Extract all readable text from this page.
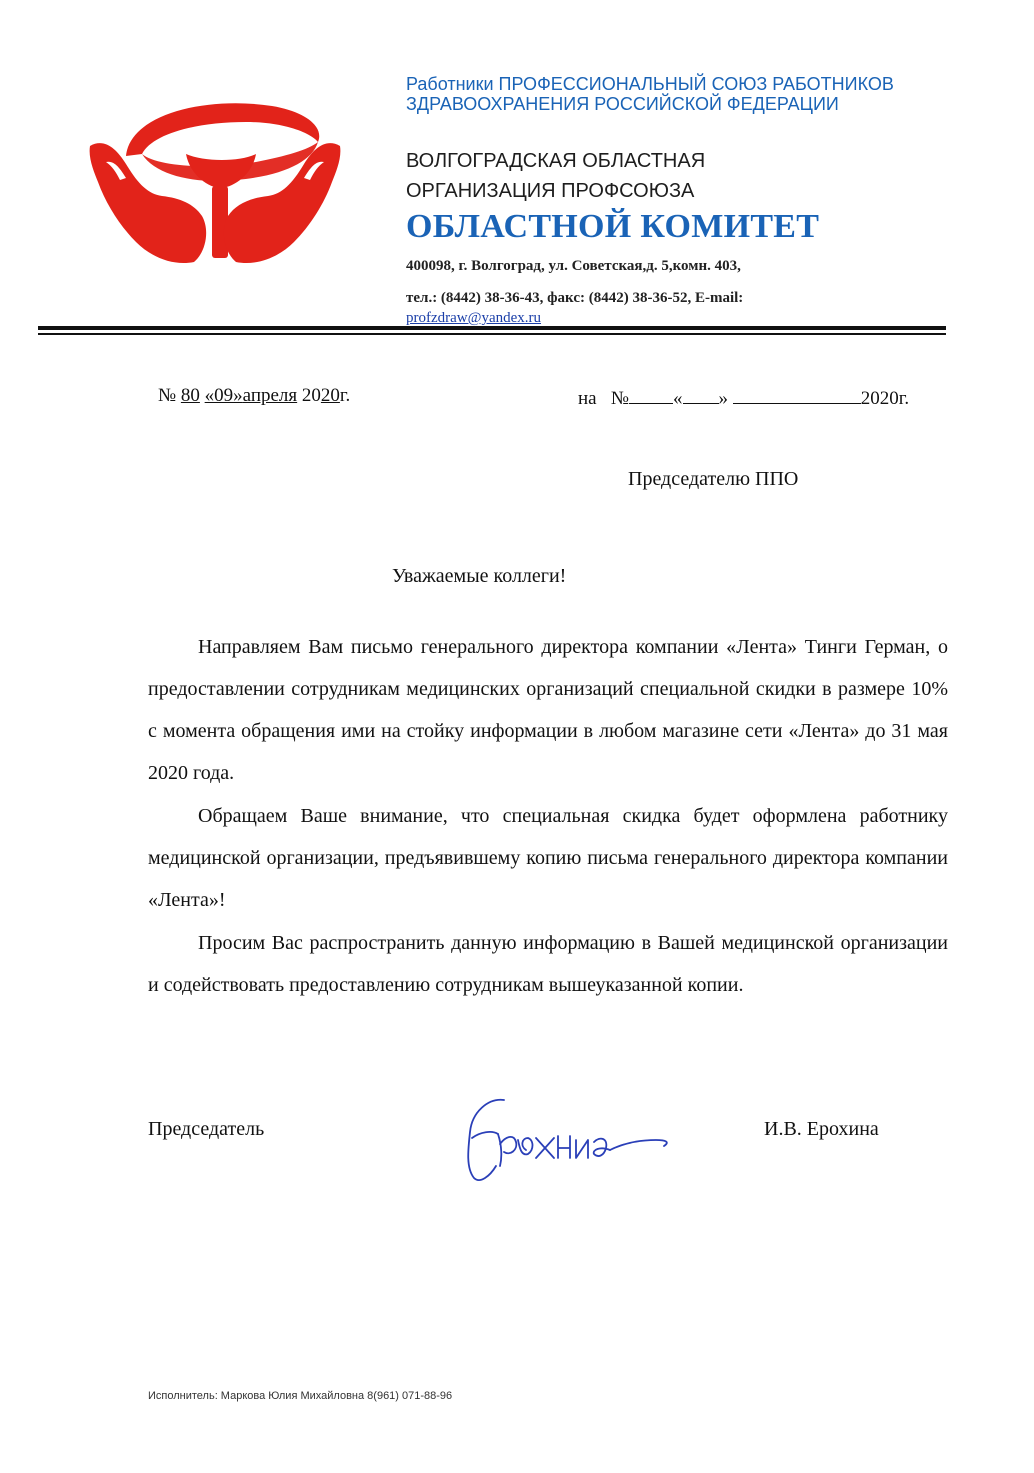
Работники ПРОФЕССИОНАЛЬНЫЙ СОЮЗ РАБОТНИКОВ ЗДРАВООХРАНЕНИЯ РОССИЙСКОЙ ФЕДЕРАЦИИ
ВОЛГОГРАДСКАЯ ОБЛАСТНАЯ
ОРГАНИЗАЦИЯ ПРОФСОЮЗА
ОБЛАСТНОЙ КОМИТЕТ
400098, г. Волгоград, ул. Советская,д. 5,комн. 403,
тел.: (8442) 38-36-43, факс: (8442) 38-36-52, E-mail:
profzdraw@yandex.ru
№ 80 «09»апреля 2020г.	на № « »	2020г.
Председателю ППО
Уважаемые коллеги!

Направляем Вам письмо генерального директора компании «Лента» Тинги Герман, о предоставлении сотрудникам медицинских организаций специальной скидки в размере 10% с момента обращения ими на стойку информации в любом магазине сети «Лента» до 31 мая 2020 года.

Обращаем Ваше внимание, что специальная скидка будет оформлена работнику медицинской организации, предъявившему копию письма генерального директора компании «Лента»!

Просим Вас распространить данную информацию в Вашей медицинской организации и содействовать предоставлению сотрудникам вышеуказанной копии.

Председатель	И.В. Ерохина
Исполнитель: Маркова Юлия Михайловна 8(961) 071-88-96
